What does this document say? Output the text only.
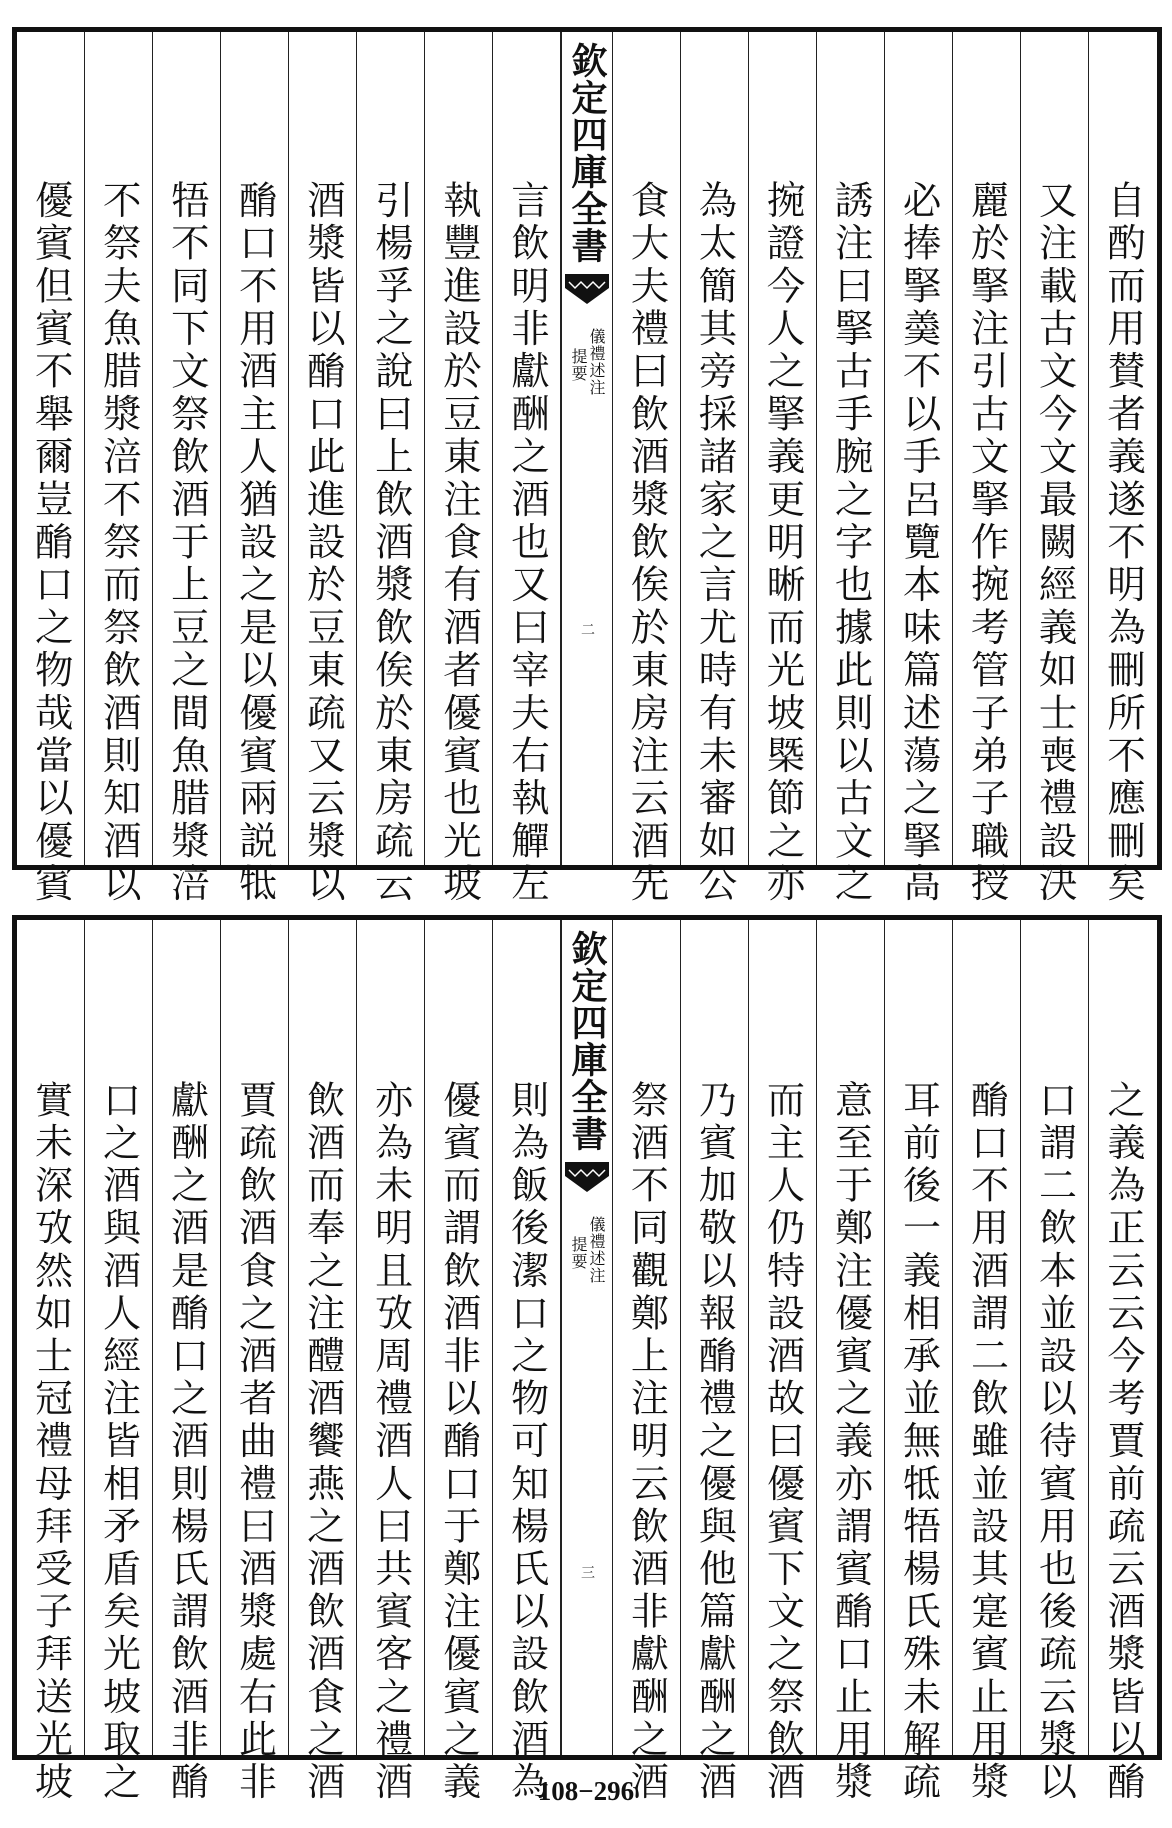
優賓但賓不舉爾豈酳口之物哉當以優賓 不祭夫魚腊漿涪不祭而祭飲酒則知酒以 牾不同下文祭飲酒于上豆之間魚腊漿涪 酳口不用酒主人猶設之是以優賓兩説牴 酒漿皆以酳口此進設於豆東疏又云漿以 引楊孚之說曰上飲酒漿飲俟於東房疏云 執豐進設於豆東注食有酒者優賓也光坡 言飲明非獻酬之酒也又曰宰夫右執觶左
欽定四庫全書
儀禮述注
提要
二 食大夫禮曰飲酒漿飲俟於東房注云酒先 為太簡其旁採諸家之言尤時有未審如公 捥證今人之掔義更明晰而光坡槩節之亦 誘注曰掔古手腕之字也據此則以古文之 必捧掔羮不以手呂覽本味篇述蕩之掔高 麗於掔注引古文掔作捥考管子弟子職授 又注載古文今文最闕經義如士喪禮設決 自酌而用賛者義遂不明為刪所不應刪矣
實未深攷然如士冠禮母拜受子拜送光坡 口之酒與酒人經注皆相矛盾矣光坡取之 獻酬之酒是酳口之酒則楊氏謂飲酒非酳 賈疏飲酒食之酒者曲禮曰酒漿處右此非 飲酒而奉之注醴酒饗燕之酒飲酒食之酒 亦為未明且攷周禮酒人曰共賓客之禮酒 優賓而謂飲酒非以酳口于鄭注優賓之義 則為飯後潔口之物可知楊氏以設飲酒為
欽定四庫全書
儀禮述注
提要
三 祭酒不同觀鄭上注明云飲酒非獻酬之酒 乃賓加敬以報酳禮之優與他篇獻酬之酒 而主人仍特設酒故曰優賓下文之祭飲酒 意至于鄭注優賓之義亦謂賓酳口止用漿 耳前後一義相承並無牴牾楊氏殊未解疏 酳口不用酒謂二飲雖並設其寔賓止用漿 口謂二飲本並設以待賓用也後疏云漿以 之義為正云云今考賈前疏云酒漿皆以酳
108−296
